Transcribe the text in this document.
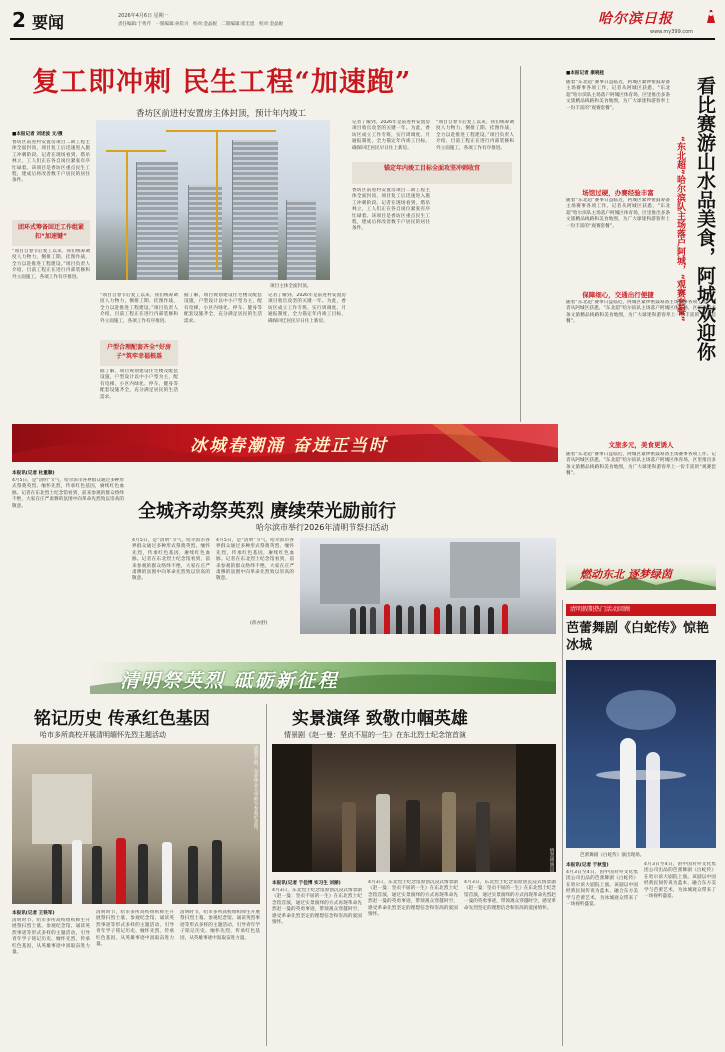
2 要闻	2026年4月6日 星期一
责任编辑:于秀芹　一版编辑:孙钦兴　校对:金晶妮　二版编辑:崔宏恩　校对:金晶妮	哈尔滨日报
www.my399.com
复工即冲刺 民生工程“加速跑”
香坊区前进村安置房主体封顶，预计年内竣工
■本报记者 刘述波 文/摄
香坊区前进村安置房项目二期工程主体全面封顶，项目复工后迅速进入施工冲刺阶段。记者在现场看到，塔吊林立，工人们正在各自岗位紧张有序忙碌着。该项目是香坊区重点民生工程，建成后将改善数千户居民的居住条件。
团环式筹备回迁工作组紧扣“加速键”
“项目自春节后复工以来，我们统筹调度人力物力，倒排工期、挂图作战，全力以赴推进工程建设。”项目负责人介绍，目前工程正在进行内部装修和外立面施工，各项工作有序推进。
项目主体全面封顶。
户型合理配套齐全“好房子”筑牢幸福根基
“项目自春节后复工以来，我们统筹调度人力物力，倒排工期、挂图作战，全力以赴推进工程建设。”项目负责人介绍，目前工程正在进行内部装修和外立面施工，各项工作有序推进。
据了解，项目规划建设住宅楼及配套设施，户型设计以中小户型为主，配有电梯，小区内绿化、停车、健身等配套设施齐全，充分满足居民的生活需求。
据了解，项目规划建设住宅楼及配套设施，户型设计以中小户型为主，配有电梯，小区内绿化、停车、健身等配套设施齐全，充分满足居民的生活需求。
记者了解到，2026年是前进村安置房项目收官攻坚的关键一年。为此，香坊区成立工作专班，实行周调度、月通报制度，全力锚定年内竣工目标，确保回迁居民早日住上新房。
记者了解到，2026年是前进村安置房项目收官攻坚的关键一年。为此，香坊区成立工作专班，实行周调度、月通报制度，全力锚定年内竣工目标，确保回迁居民早日住上新房。
锚定年内竣工目标全面攻坚冲刺收官
香坊区前进村安置房项目二期工程主体全面封顶，项目复工后迅速进入施工冲刺阶段。记者在现场看到，塔吊林立，工人们正在各自岗位紧张有序忙碌着。该项目是香坊区重点民生工程，建成后将改善数千户居民的居住条件。
“项目自春节后复工以来，我们统筹调度人力物力，倒排工期、挂图作战，全力以赴推进工程建设。”项目负责人介绍，目前工程正在进行内部装修和外立面施工，各项工作有序推进。
■本报记者 康晓桂
看比赛游山水品美食，阿城欢迎你
“东北超”哈尔滨队主场落户阿城，“观赛套餐”
随着“东北超”赛事日益临近，阿城区紧锣密鼓筹备主场赛事各项工作。记者从阿城区获悉，“东北超”哈尔滨队主场落户阿城区体育场，区里推出多条文旅精品线路和美食地图，为广大球迷和游客奉上一份丰富的“观赛套餐”。
场馆过硬，办赛经验丰富
随着“东北超”赛事日益临近，阿城区紧锣密鼓筹备主场赛事各项工作。记者从阿城区获悉，“东北超”哈尔滨队主场落户阿城区体育场，区里推出多条文旅精品线路和美食地图，为广大球迷和游客奉上一份丰富的“观赛套餐”。
保障细心，交通出行便捷
随着“东北超”赛事日益临近，阿城区紧锣密鼓筹备主场赛事各项工作。记者从阿城区获悉，“东北超”哈尔滨队主场落户阿城区体育场，区里推出多条文旅精品线路和美食地图，为广大球迷和游客奉上一份丰富的“观赛套餐”。
文旅多元，美食更诱人
随着“东北超”赛事日益临近，阿城区紧锣密鼓筹备主场赛事各项工作。记者从阿城区获悉，“东北超”哈尔滨队主场落户阿城区体育场，区里推出多条文旅精品线路和美食地图，为广大球迷和游客奉上一份丰富的“观赛套餐”。
燃动东北 逐梦绿茵
冰城春潮涌 奋进正当时
本报讯(记者 杜重顺)
4月5日，是“清明”节气，哈尔滨市各界群众通过多种形式祭奠英烈、缅怀先烈，传承红色基因，赓续红色血脉。记者在东北烈士纪念馆看到，前来参观的群众络绎不绝，大家在庄严肃穆的氛围中向革命先烈致以崇高的敬意。	全城齐动祭英烈 赓续荣光励前行
哈尔滨市举行2026年清明节祭扫活动
4月5日，是“清明”节气，哈尔滨市各界群众通过多种形式祭奠英烈、缅怀先烈，传承红色基因，赓续红色血脉。记者在东北烈士纪念馆看到，前来参观的群众络绎不绝，大家在庄严肃穆的氛围中向革命先烈致以崇高的敬意。
4月5日，是“清明”节气，哈尔滨市各界群众通过多种形式祭奠英烈、缅怀先烈，传承红色基因，赓续红色血脉。记者在东北烈士纪念馆看到，前来参观的群众络绎不绝，大家在庄严肃穆的氛围中向革命先烈致以崇高的敬意。
(蒋亦舒)
清明祭英烈 砥砺新征程
铭记历史 传承红色基因
哈市多所高校开展清明缅怀先烈主题活动
清明节前，东北林业大学师生参观纪念馆。
本报讯(记者 王铁军)
清明时节，哈市多所高校组织师生开展祭扫烈士墓、参观纪念馆、诵读英烈事迹等形式多样的主题活动，引导青年学子铭记历史、缅怀先烈，传承红色基因，从英雄事迹中汲取奋进力量。
清明时节，哈市多所高校组织师生开展祭扫烈士墓、参观纪念馆、诵读英烈事迹等形式多样的主题活动，引导青年学子铭记历史、缅怀先烈，传承红色基因，从英雄事迹中汲取奋进力量。
清明时节，哈市多所高校组织师生开展祭扫烈士墓、参观纪念馆、诵读英烈事迹等形式多样的主题活动，引导青年学子铭记历史、缅怀先烈，传承红色基因，从英雄事迹中汲取奋进力量。
实景演绎 致敬巾帼英雄
情景剧《赵一曼：坚贞不屈的一生》在东北烈士纪念馆首演
情景剧演出现场。
本报讯(记者 于佳博 实习生 刘丽)
4月3日，东北烈士纪念馆原创沉浸式情景剧《赵一曼：坚贞不屈的一生》在东北烈士纪念馆首演，通过实景演绎的方式再现革命先烈赵一曼的英勇事迹，带领观众穿越时空，感受革命先烈坚定的理想信念和崇高的爱国情怀。
4月3日，东北烈士纪念馆原创沉浸式情景剧《赵一曼：坚贞不屈的一生》在东北烈士纪念馆首演，通过实景演绎的方式再现革命先烈赵一曼的英勇事迹，带领观众穿越时空，感受革命先烈坚定的理想信念和崇高的爱国情怀。
4月3日，东北烈士纪念馆原创沉浸式情景剧《赵一曼：坚贞不屈的一生》在东北烈士纪念馆首演，通过实景演绎的方式再现革命先烈赵一曼的英勇事迹，带领观众穿越时空，感受革命先烈坚定的理想信念和崇高的爱国情怀。
清明假期热门活动回顾
芭蕾舞剧《白蛇传》惊艳冰城
芭蕾舞剧《白蛇传》演出现场。
本报讯(记者 于秋莹)
4月3日至4日，由中国对外文化集团公司出品的芭蕾舞剧《白蛇传》在哈尔滨大剧院上演。该剧以中国经典民间传说为蓝本，融合东方美学与芭蕾艺术，为冰城观众带来了一场视听盛宴。
4月3日至4日，由中国对外文化集团公司出品的芭蕾舞剧《白蛇传》在哈尔滨大剧院上演。该剧以中国经典民间传说为蓝本，融合东方美学与芭蕾艺术，为冰城观众带来了一场视听盛宴。
